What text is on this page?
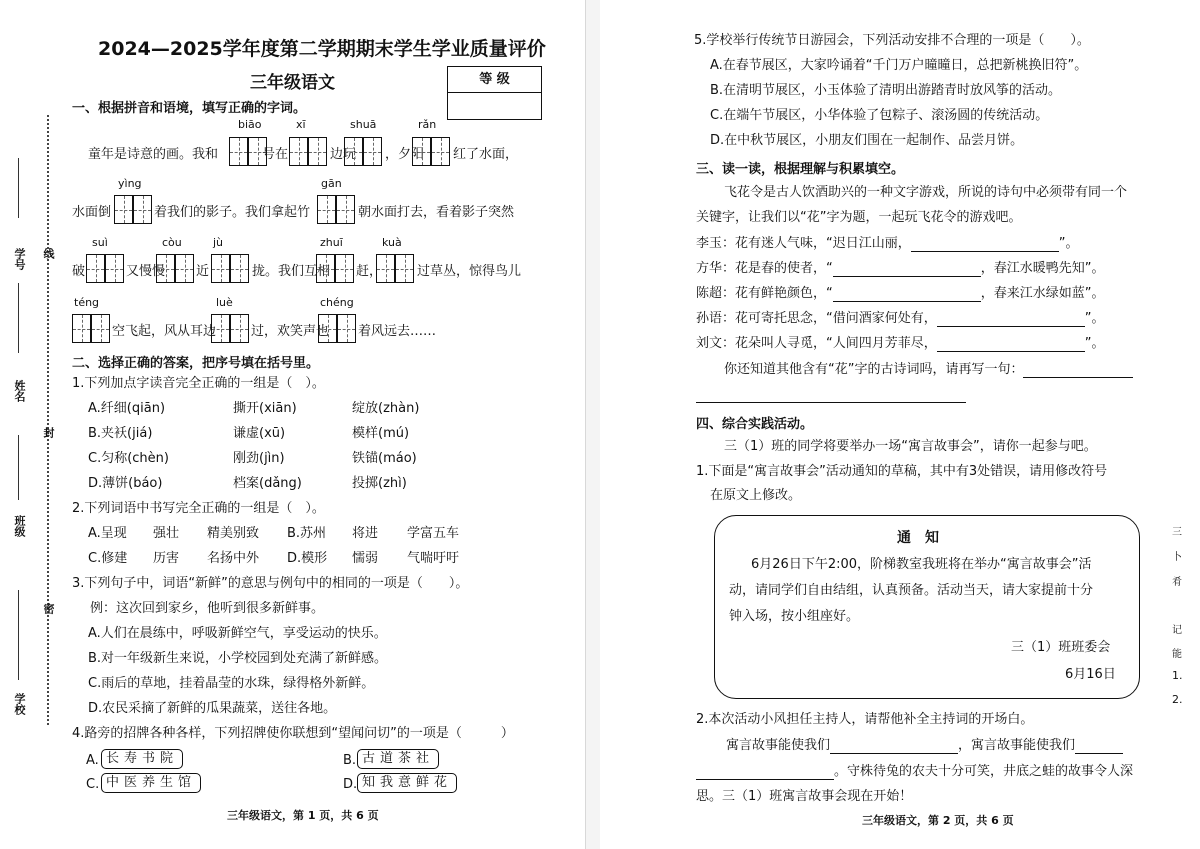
2024—2025学年度第二学期期末学生学业质量评价
三年级语文	等 级
学号 线
姓名
封
班级
密
学校
一、根据拼音和语境，填写正确的字词。
biāo	xī	shuā	rǎn
童年是诗意的画。我和	号在	边玩 ，夕阳 红了水面，
yìng	gān
水面倒	着我们的影子。我们拿起竹	朝水面打去，看着影子突然
suì	còu	jù	zhuī	kuà
破	又慢慢 近	拢。我们互相 赶，	过草丛，惊得鸟儿
téng	luè	chéng
空飞起，风从耳边	过，欢笑声也 着风远去……
二、选择正确的答案，把序号填在括号里。
1.下列加点字读音完全正确的一组是（　）。
A.纤细(qiān)	撕开(xiān)	绽放(zhàn)
B.夹袄(jiá)	谦虚(xū)	模样(mú)
C.匀称(chèn)	刚劲(jìn)	铁锚(máo)
D.薄饼(báo)	档案(dǎng)	投掷(zhì)
2.下列词语中书写完全正确的一组是（　）。
A.呈现 强壮 精美别致 B.苏州 将进 学富五车
C.修建 历害 名扬中外 D.模形 懦弱 气喘吁吁
3.下列句子中，词语“新鲜”的意思与例句中的相同的一项是（　　）。
例：这次回到家乡，他听到很多新鲜事。
A.人们在晨练中，呼吸新鲜空气，享受运动的快乐。
B.对一年级新生来说，小学校园到处充满了新鲜感。
C.雨后的草地，挂着晶莹的水珠，绿得格外新鲜。
D.农民采摘了新鲜的瓜果蔬菜，送往各地。
4.路旁的招牌各种各样，下列招牌使你联想到“望闻问切”的一项是（　　　）
A. 长寿书院	B. 古道茶社
C. 中医养生馆	D. 知我意鲜花
三年级语文，第 1 页，共 6 页
5.学校举行传统节日游园会，下列活动安排不合理的一项是（　　）。
A.在春节展区，大家吟诵着“千门万户曈曈日，总把新桃换旧符”。
B.在清明节展区，小玉体验了清明出游踏青时放风筝的活动。
C.在端午节展区，小华体验了包粽子、滚汤圆的传统活动。
D.在中秋节展区，小朋友们围在一起制作、品尝月饼。
三、读一读，根据理解与积累填空。
飞花令是古人饮酒助兴的一种文字游戏，所说的诗句中必须带有同一个
关键字，让我们以“花”字为题，一起玩飞花令的游戏吧。
李玉：花有迷人气味，“迟日江山丽，	”。
方华：花是春的使者，“	，春江水暖鸭先知”。
陈超：花有鲜艳颜色，“	，春来江水绿如蓝”。
孙语：花可寄托思念，“借问酒家何处有，	”。
刘文：花朵叫人寻觅，“人间四月芳菲尽，	”。
你还知道其他含有“花”字的古诗词吗，请再写一句：
四、综合实践活动。
三（1）班的同学将要举办一场“寓言故事会”，请你一起参与吧。
1.下面是“寓言故事会”活动通知的草稿，其中有3处错误，请用修改符号
在原文上修改。
2.本次活动小风担任主持人，请帮他补全主持词的开场白。
寓言故事能使我们	，寓言故事能使我们
。守株待兔的农夫十分可笑，井底之蛙的故事令人深
思。三（1）班寓言故事会现在开始！
三
卜
肴
记
能
1.
2.
三年级语文，第 2 页，共 6 页
通　知
6月26日下午2:00，阶梯教室我班将在举办“寓言故事会”活
动，请同学们自由结组，认真预备。活动当天，请大家提前十分
钟入场，按小组座好。
三（1）班班委会
6月16日
